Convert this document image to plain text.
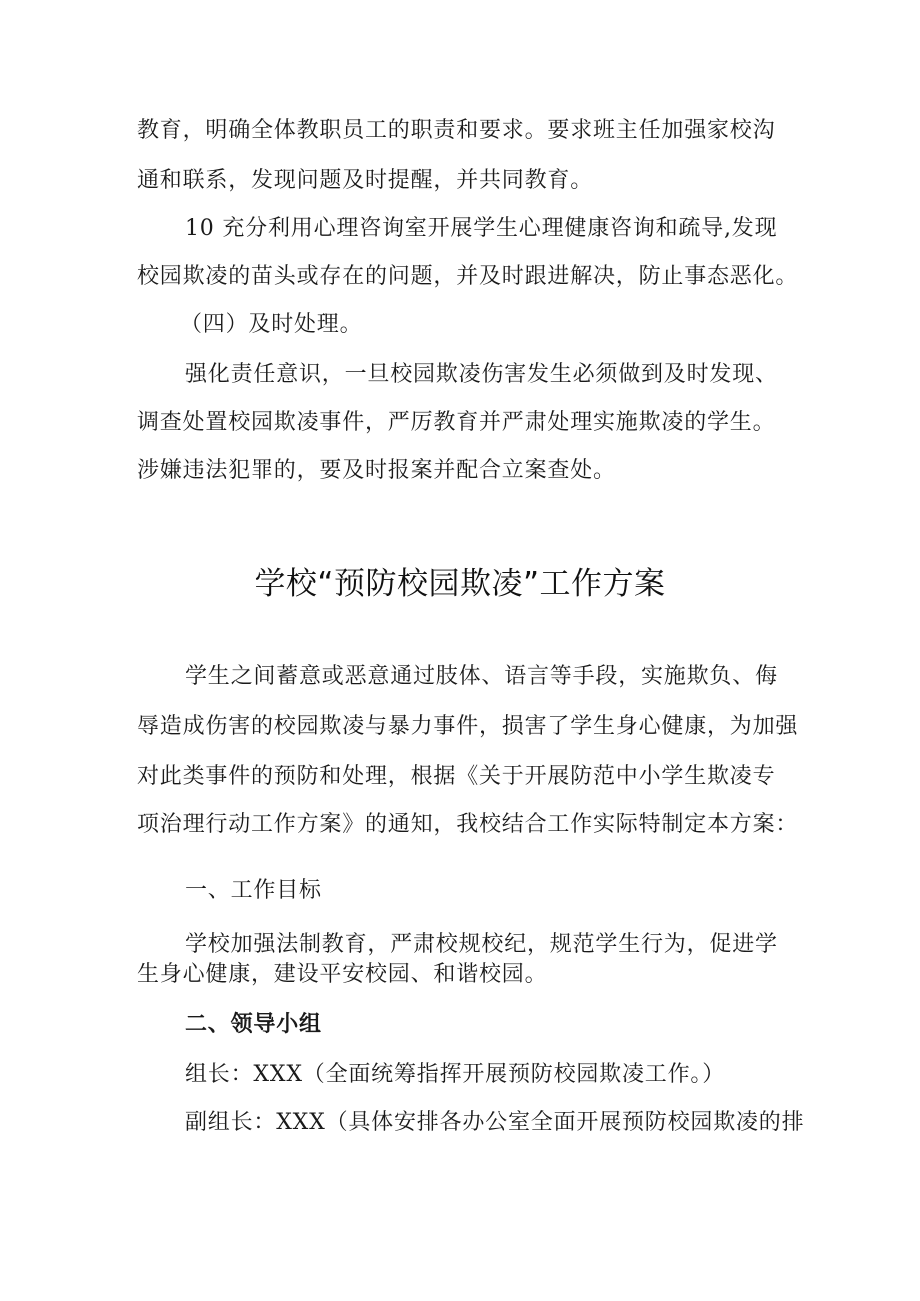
教育，明确全体教职员工的职责和要求。要求班主任加强家校沟
通和联系，发现问题及时提醒，并共同教育。
10 充分利用心理咨询室开展学生心理健康咨询和疏导,发现
校园欺凌的苗头或存在的问题，并及时跟进解决，防止事态恶化。
（四）及时处理。
强化责任意识，一旦校园欺凌伤害发生必须做到及时发现、
调查处置校园欺凌事件，严厉教育并严肃处理实施欺凌的学生。
涉嫌违法犯罪的，要及时报案并配合立案查处。
学校“预防校园欺凌”工作方案
学生之间蓄意或恶意通过肢体、语言等手段，实施欺负、侮
辱造成伤害的校园欺凌与暴力事件，损害了学生身心健康，为加强
对此类事件的预防和处理，根据《关于开展防范中小学生欺凌专
项治理行动工作方案》的通知，我校结合工作实际特制定本方案：
一、工作目标
学校加强法制教育，严肃校规校纪，规范学生行为，促进学
生身心健康，建设平安校园、和谐校园。
二、领导小组
组长：XXX（全面统筹指挥开展预防校园欺凌工作。）
副组长：XXX（具体安排各办公室全面开展预防校园欺凌的排
